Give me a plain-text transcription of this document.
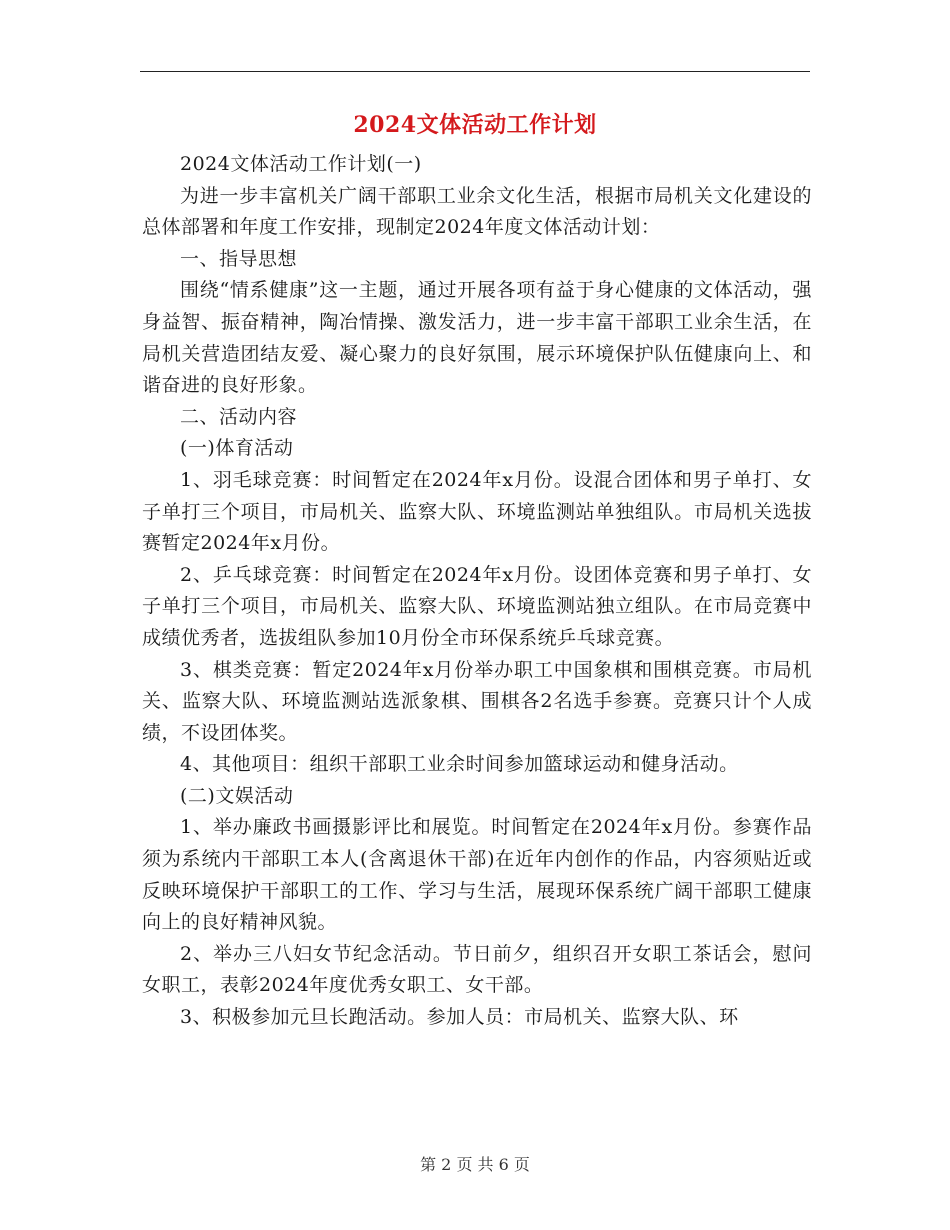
2024文体活动工作计划

2024文体活动工作计划(一)

为进一步丰富机关广阔干部职工业余文化生活，根据市局机关文化建设的总体部署和年度工作安排，现制定2024年度文体活动计划：

一、指导思想

围绕“情系健康”这一主题，通过开展各项有益于身心健康的文体活动，强身益智、振奋精神，陶冶情操、激发活力，进一步丰富干部职工业余生活，在局机关营造团结友爱、凝心聚力的良好氛围，展示环境保护队伍健康向上、和谐奋进的良好形象。

二、活动内容

(一)体育活动

1、羽毛球竞赛：时间暂定在2024年x月份。设混合团体和男子单打、女子单打三个项目，市局机关、监察大队、环境监测站单独组队。市局机关选拔赛暂定2024年x月份。

2、乒乓球竞赛：时间暂定在2024年x月份。设团体竞赛和男子单打、女子单打三个项目，市局机关、监察大队、环境监测站独立组队。在市局竞赛中成绩优秀者，选拔组队参加10月份全市环保系统乒乓球竞赛。

3、棋类竞赛：暂定2024年x月份举办职工中国象棋和围棋竞赛。市局机关、监察大队、环境监测站选派象棋、围棋各2名选手参赛。竞赛只计个人成绩，不设团体奖。

4、其他项目：组织干部职工业余时间参加篮球运动和健身活动。

(二)文娱活动

1、举办廉政书画摄影评比和展览。时间暂定在2024年x月份。参赛作品须为系统内干部职工本人(含离退休干部)在近年内创作的作品，内容须贴近或反映环境保护干部职工的工作、学习与生活，展现环保系统广阔干部职工健康向上的良好精神风貌。

2、举办三八妇女节纪念活动。节日前夕，组织召开女职工茶话会，慰问女职工，表彰2024年度优秀女职工、女干部。

3、积极参加元旦长跑活动。参加人员：市局机关、监察大队、环

第 2 页 共 6 页
